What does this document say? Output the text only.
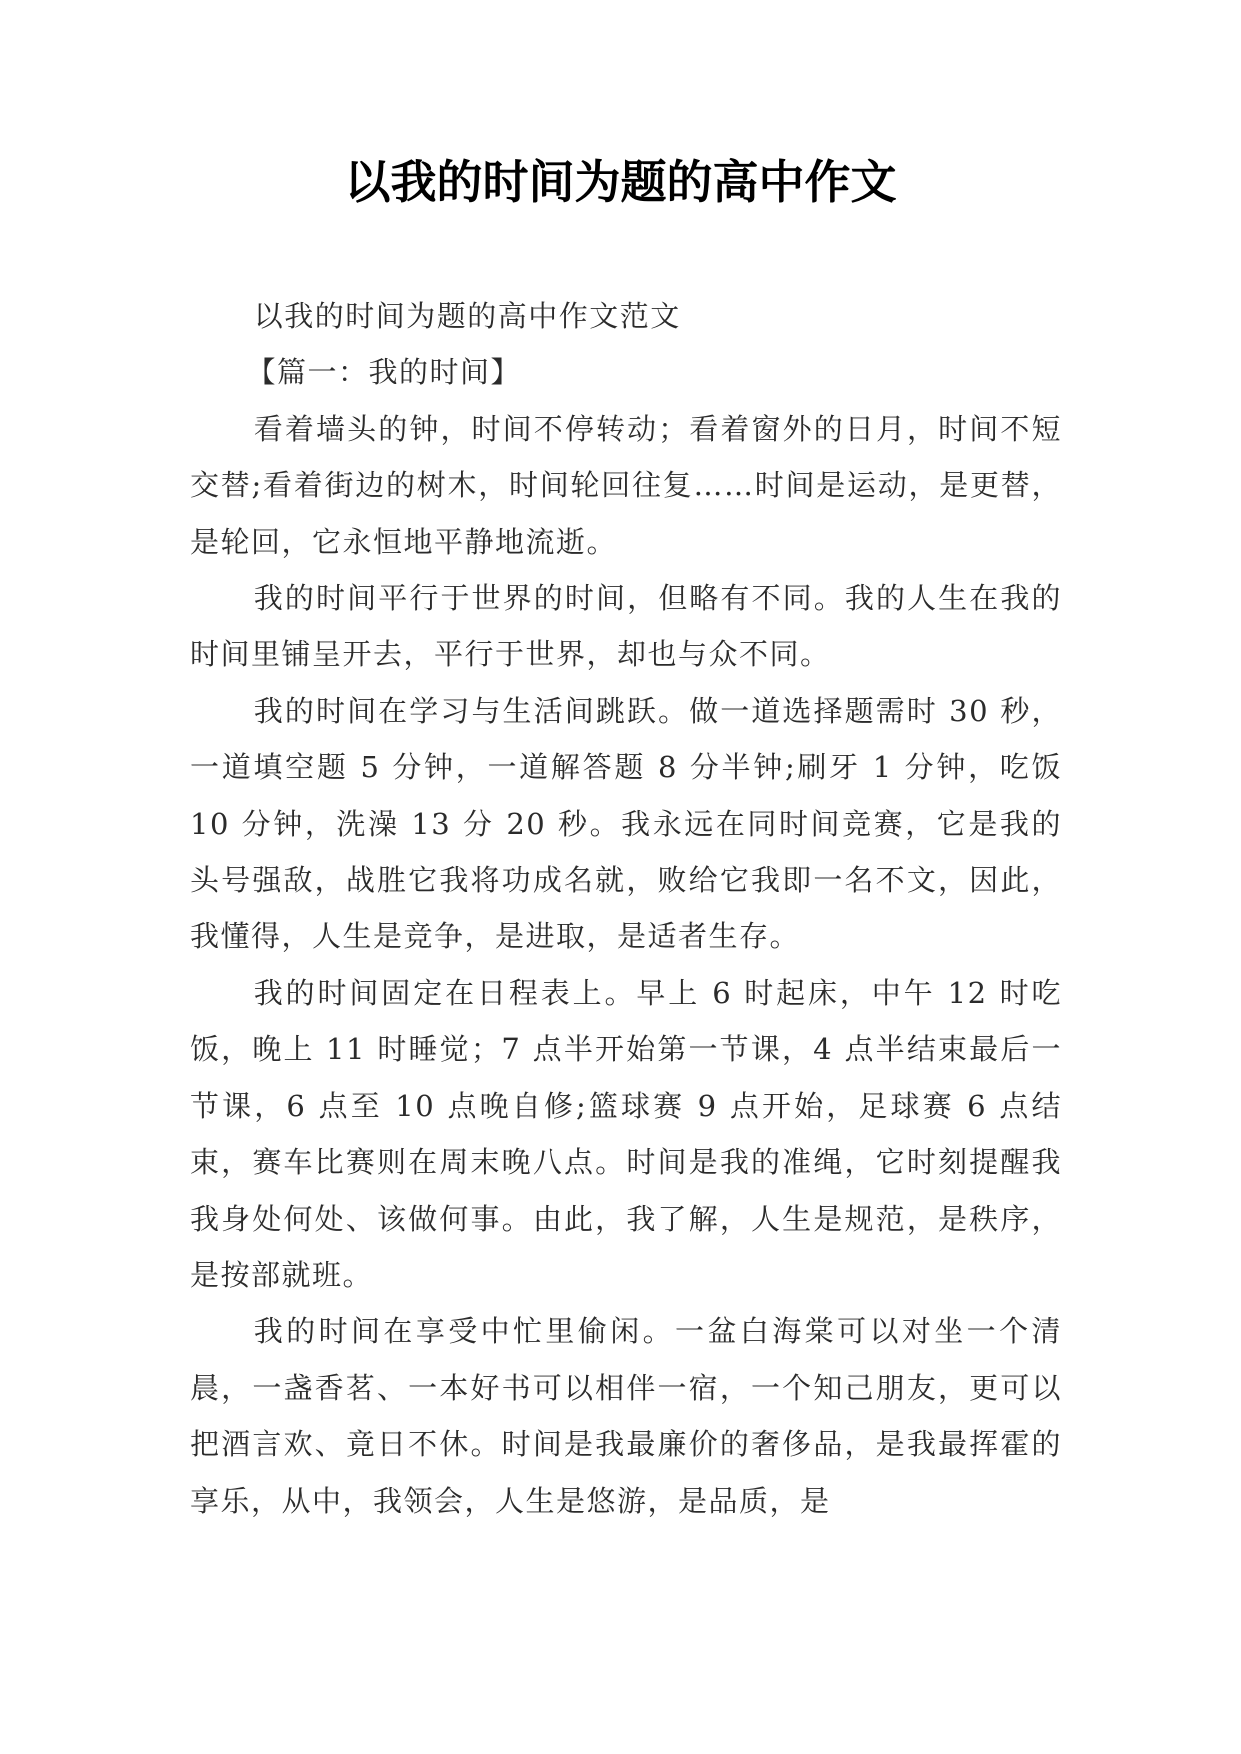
以我的时间为题的高中作文

以我的时间为题的高中作文范文

【篇一：我的时间】

看着墙头的钟，时间不停转动；看着窗外的日月，时间不短交替;看着街边的树木，时间轮回往复……时间是运动，是更替，是轮回，它永恒地平静地流逝。

我的时间平行于世界的时间，但略有不同。我的人生在我的时间里铺呈开去，平行于世界，却也与众不同。

我的时间在学习与生活间跳跃。做一道选择题需时 30 秒，一道填空题 5 分钟，一道解答题 8 分半钟;刷牙 1 分钟，吃饭 10 分钟，洗澡 13 分 20 秒。我永远在同时间竞赛，它是我的头号强敌，战胜它我将功成名就，败给它我即一名不文，因此，我懂得，人生是竞争，是进取，是适者生存。

我的时间固定在日程表上。早上 6 时起床，中午 12 时吃饭，晚上 11 时睡觉；7 点半开始第一节课，4 点半结束最后一节课，6 点至 10 点晚自修;篮球赛 9 点开始，足球赛 6 点结束，赛车比赛则在周末晚八点。时间是我的准绳，它时刻提醒我我身处何处、该做何事。由此，我了解，人生是规范，是秩序，是按部就班。

我的时间在享受中忙里偷闲。一盆白海棠可以对坐一个清晨，一盏香茗、一本好书可以相伴一宿，一个知己朋友，更可以把酒言欢、竟日不休。时间是我最廉价的奢侈品，是我最挥霍的享乐，从中，我领会，人生是悠游，是品质，是
